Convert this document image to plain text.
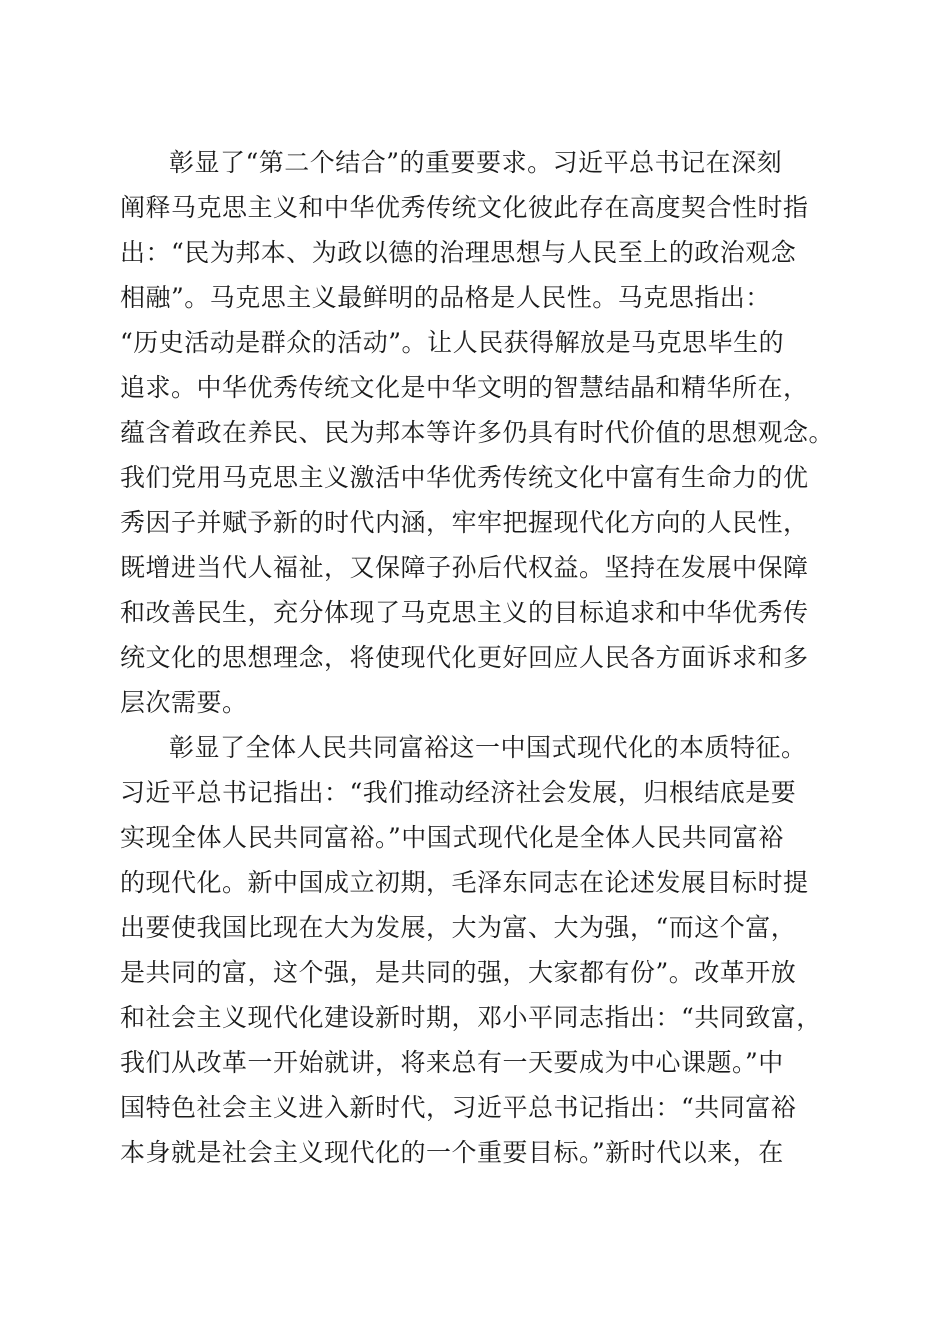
彰显了“第二个结合”的重要要求。习近平总书记在深刻
阐释马克思主义和中华优秀传统文化彼此存在高度契合性时指
出：“民为邦本、为政以德的治理思想与人民至上的政治观念
相融”。马克思主义最鲜明的品格是人民性。马克思指出：
“历史活动是群众的活动”。让人民获得解放是马克思毕生的
追求。中华优秀传统文化是中华文明的智慧结晶和精华所在，
蕴含着政在养民、民为邦本等许多仍具有时代价值的思想观念。
我们党用马克思主义激活中华优秀传统文化中富有生命力的优
秀因子并赋予新的时代内涵，牢牢把握现代化方向的人民性，
既增进当代人福祉，又保障子孙后代权益。坚持在发展中保障
和改善民生，充分体现了马克思主义的目标追求和中华优秀传
统文化的思想理念，将使现代化更好回应人民各方面诉求和多
层次需要。
彰显了全体人民共同富裕这一中国式现代化的本质特征。
习近平总书记指出：“我们推动经济社会发展，归根结底是要
实现全体人民共同富裕。”中国式现代化是全体人民共同富裕
的现代化。新中国成立初期，毛泽东同志在论述发展目标时提
出要使我国比现在大为发展，大为富、大为强，“而这个富，
是共同的富，这个强，是共同的强，大家都有份”。改革开放
和社会主义现代化建设新时期，邓小平同志指出：“共同致富，
我们从改革一开始就讲，将来总有一天要成为中心课题。”中
国特色社会主义进入新时代，习近平总书记指出：“共同富裕
本身就是社会主义现代化的一个重要目标。”新时代以来，在
